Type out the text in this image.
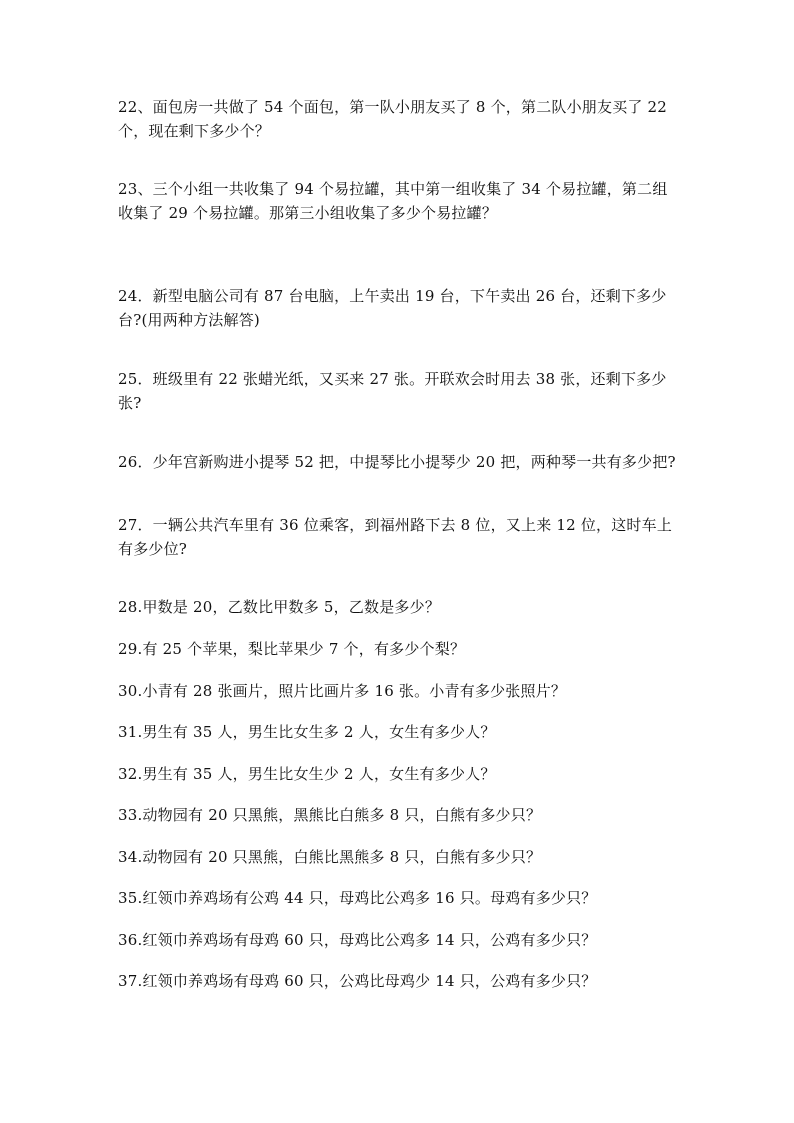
22、面包房一共做了 54 个面包，第一队小朋友买了 8 个，第二队小朋友买了 22 个，现在剩下多少个？
23、三个小组一共收集了 94 个易拉罐，其中第一组收集了 34 个易拉罐，第二组收集了 29 个易拉罐。那第三小组收集了多少个易拉罐？
24．新型电脑公司有 87 台电脑，上午卖出 19 台，下午卖出 26 台，还剩下多少台?(用两种方法解答)
25．班级里有 22 张蜡光纸，又买来 27 张。开联欢会时用去 38 张，还剩下多少张?
26．少年宫新购进小提琴 52 把，中提琴比小提琴少 20 把，两种琴一共有多少把?
27．一辆公共汽车里有 36 位乘客，到福州路下去 8 位，又上来 12 位，这时车上有多少位?
28.甲数是 20，乙数比甲数多 5，乙数是多少？
29.有 25 个苹果，梨比苹果少 7 个，有多少个梨？
30.小青有 28 张画片，照片比画片多 16 张。小青有多少张照片？
31.男生有 35 人，男生比女生多 2 人，女生有多少人？
32.男生有 35 人，男生比女生少 2 人，女生有多少人？
33.动物园有 20 只黑熊，黑熊比白熊多 8 只，白熊有多少只？
34.动物园有 20 只黑熊，白熊比黑熊多 8 只，白熊有多少只？
35.红领巾养鸡场有公鸡 44 只，母鸡比公鸡多 16 只。母鸡有多少只？
36.红领巾养鸡场有母鸡 60 只，母鸡比公鸡多 14 只，公鸡有多少只？
37.红领巾养鸡场有母鸡 60 只，公鸡比母鸡少 14 只，公鸡有多少只？
